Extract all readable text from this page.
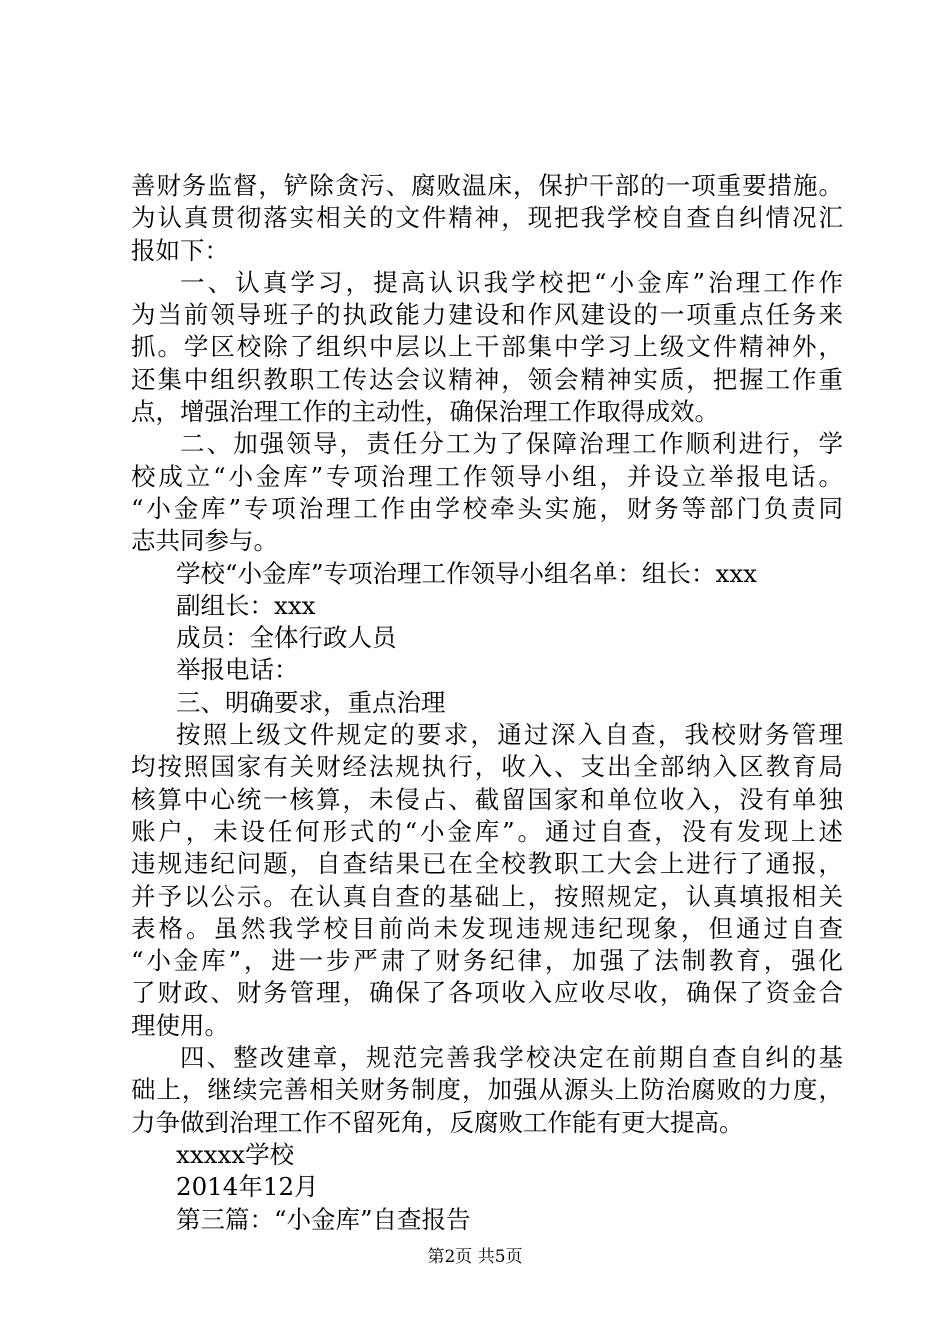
善财务监督，铲除贪污、腐败温床，保护干部的一项重要措施。
为认真贯彻落实相关的文件精神，现把我学校自查自纠情况汇
报如下：
一、认真学习，提高认识我学校把“小金库”治理工作作
为当前领导班子的执政能力建设和作风建设的一项重点任务来
抓。学区校除了组织中层以上干部集中学习上级文件精神外，
还集中组织教职工传达会议精神，领会精神实质，把握工作重
点，增强治理工作的主动性，确保治理工作取得成效。
二、加强领导，责任分工为了保障治理工作顺利进行，学
校成立“小金库”专项治理工作领导小组，并设立举报电话。
“小金库”专项治理工作由学校牵头实施，财务等部门负责同
志共同参与。
学校“小金库”专项治理工作领导小组名单：组长：xxx
副组长：xxx
成员：全体行政人员
举报电话：
三、明确要求，重点治理
按照上级文件规定的要求，通过深入自查，我校财务管理
均按照国家有关财经法规执行，收入、支出全部纳入区教育局
核算中心统一核算，未侵占、截留国家和单位收入，没有单独
账户，未设任何形式的“小金库”。通过自查，没有发现上述
违规违纪问题，自查结果已在全校教职工大会上进行了通报，
并予以公示。在认真自查的基础上，按照规定，认真填报相关
表格。虽然我学校目前尚未发现违规违纪现象，但通过自查
“小金库”，进一步严肃了财务纪律，加强了法制教育，强化
了财政、财务管理，确保了各项收入应收尽收，确保了资金合
理使用。
四、整改建章，规范完善我学校决定在前期自查自纠的基
础上，继续完善相关财务制度，加强从源头上防治腐败的力度，
力争做到治理工作不留死角，反腐败工作能有更大提高。
xxxxx学校
2014年12月
第三篇：“小金库”自查报告
第2页 共5页
